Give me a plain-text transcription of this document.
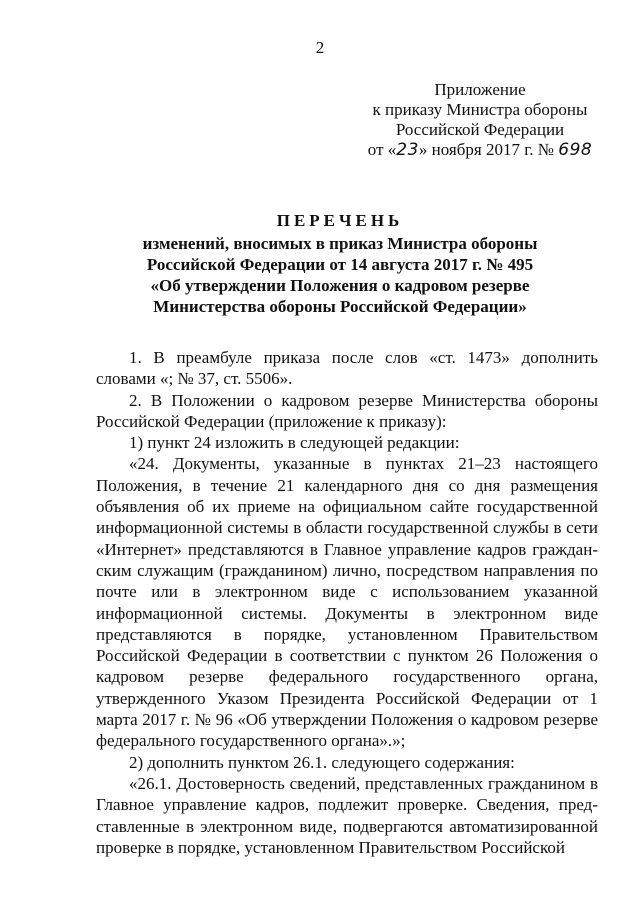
2
Приложение
к приказу Министра обороны
Российской Федерации
от «23» ноября 2017 г. № 698
ПЕРЕЧЕНЬ
изменений, вносимых в приказ Министра обороны
Российской Федерации от 14 августа 2017 г. № 495
«Об утверждении Положения о кадровом резерве
Министерства обороны Российской Федерации»

1. В преамбуле приказа после слов «ст. 1473» дополнить словами «; № 37, ст. 5506».

2. В Положении о кадровом резерве Министерства обороны Российской Федерации (приложение к приказу):

1) пункт 24 изложить в следующей редакции:

«24. Документы, указанные в пунктах 21–23 настоящего Положения, в течение 21 календарного дня со дня размещения объявления об их приеме на официальном сайте государственной информационной системы в области государственной службы в сети «Интернет» представляются в Главное управление кадров гражданским служащим (гражданином) лично, посредством направления по почте или в электронном виде с использованием указанной информационной системы. Документы в электронном виде представляются в порядке, установленном Правительством Российской Федерации в соответствии с пунктом 26 Положения о кадровом резерве федерального государственного органа, утвержденного Указом Президента Российской Федерации от 1 марта 2017 г. № 96 «Об утверждении Положения о кадровом резерве федерального государственного органа».»;

2) дополнить пунктом 26.1. следующего содержания:

«26.1. Достоверность сведений, представленных гражданином в Главное управление кадров, подлежит проверке. Сведения, представленные в электронном виде, подвергаются автоматизированной проверке в порядке, установленном Правительством Российской
